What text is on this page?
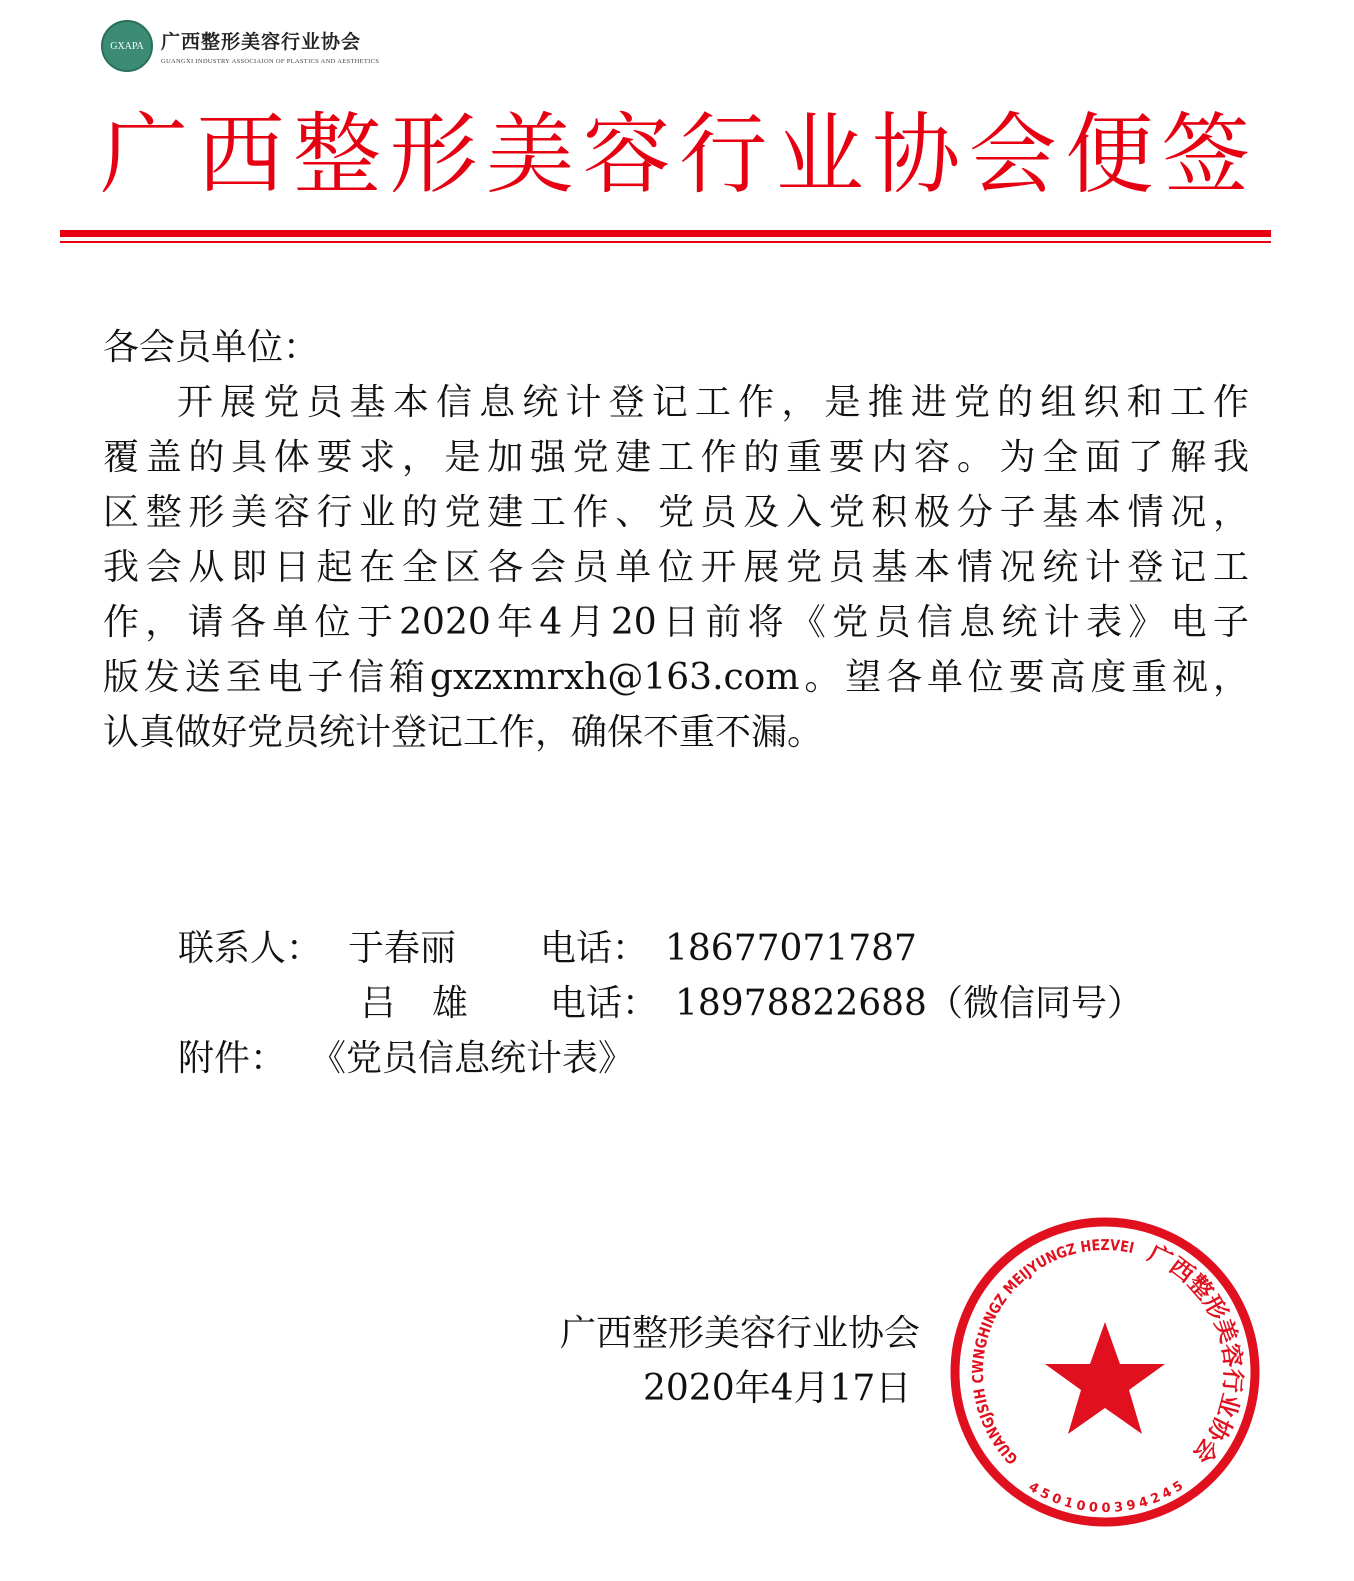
GXAPA 广西整形美容行业协会
GUANGXI INDUSTRY ASSOCIAION OF PLASTICS AND AESTHETICS
广 西 整 形 美 容 行 业 协 会 便 签
各会员单位：
开展党员基本信息统计登记工作，是推进党的组织和工作
覆盖的具体要求，是加强党建工作的重要内容。为全面了解我
区整形美容行业的党建工作、党员及入党积极分子基本情况，
我会从即日起在全区各会员单位开展党员基本情况统计登记工
作，请各单位于2020年4月20日前将《党员信息统计表》电子
版发送至电子信箱gxzxmrxh@163.com。望各单位要高度重视，
认真做好党员统计登记工作，确保不重不漏。
联系人： 于春丽 电话： 18677071787
吕　雄 电话： 18978822688（微信同号）
附件： 《党员信息统计表》
广西整形美容行业协会
2020年4月17日
GUANGJSIH CWNGHINGZ MEIJYUNGZ HEZVEI 广西整形美容行业协会
4501000394245
